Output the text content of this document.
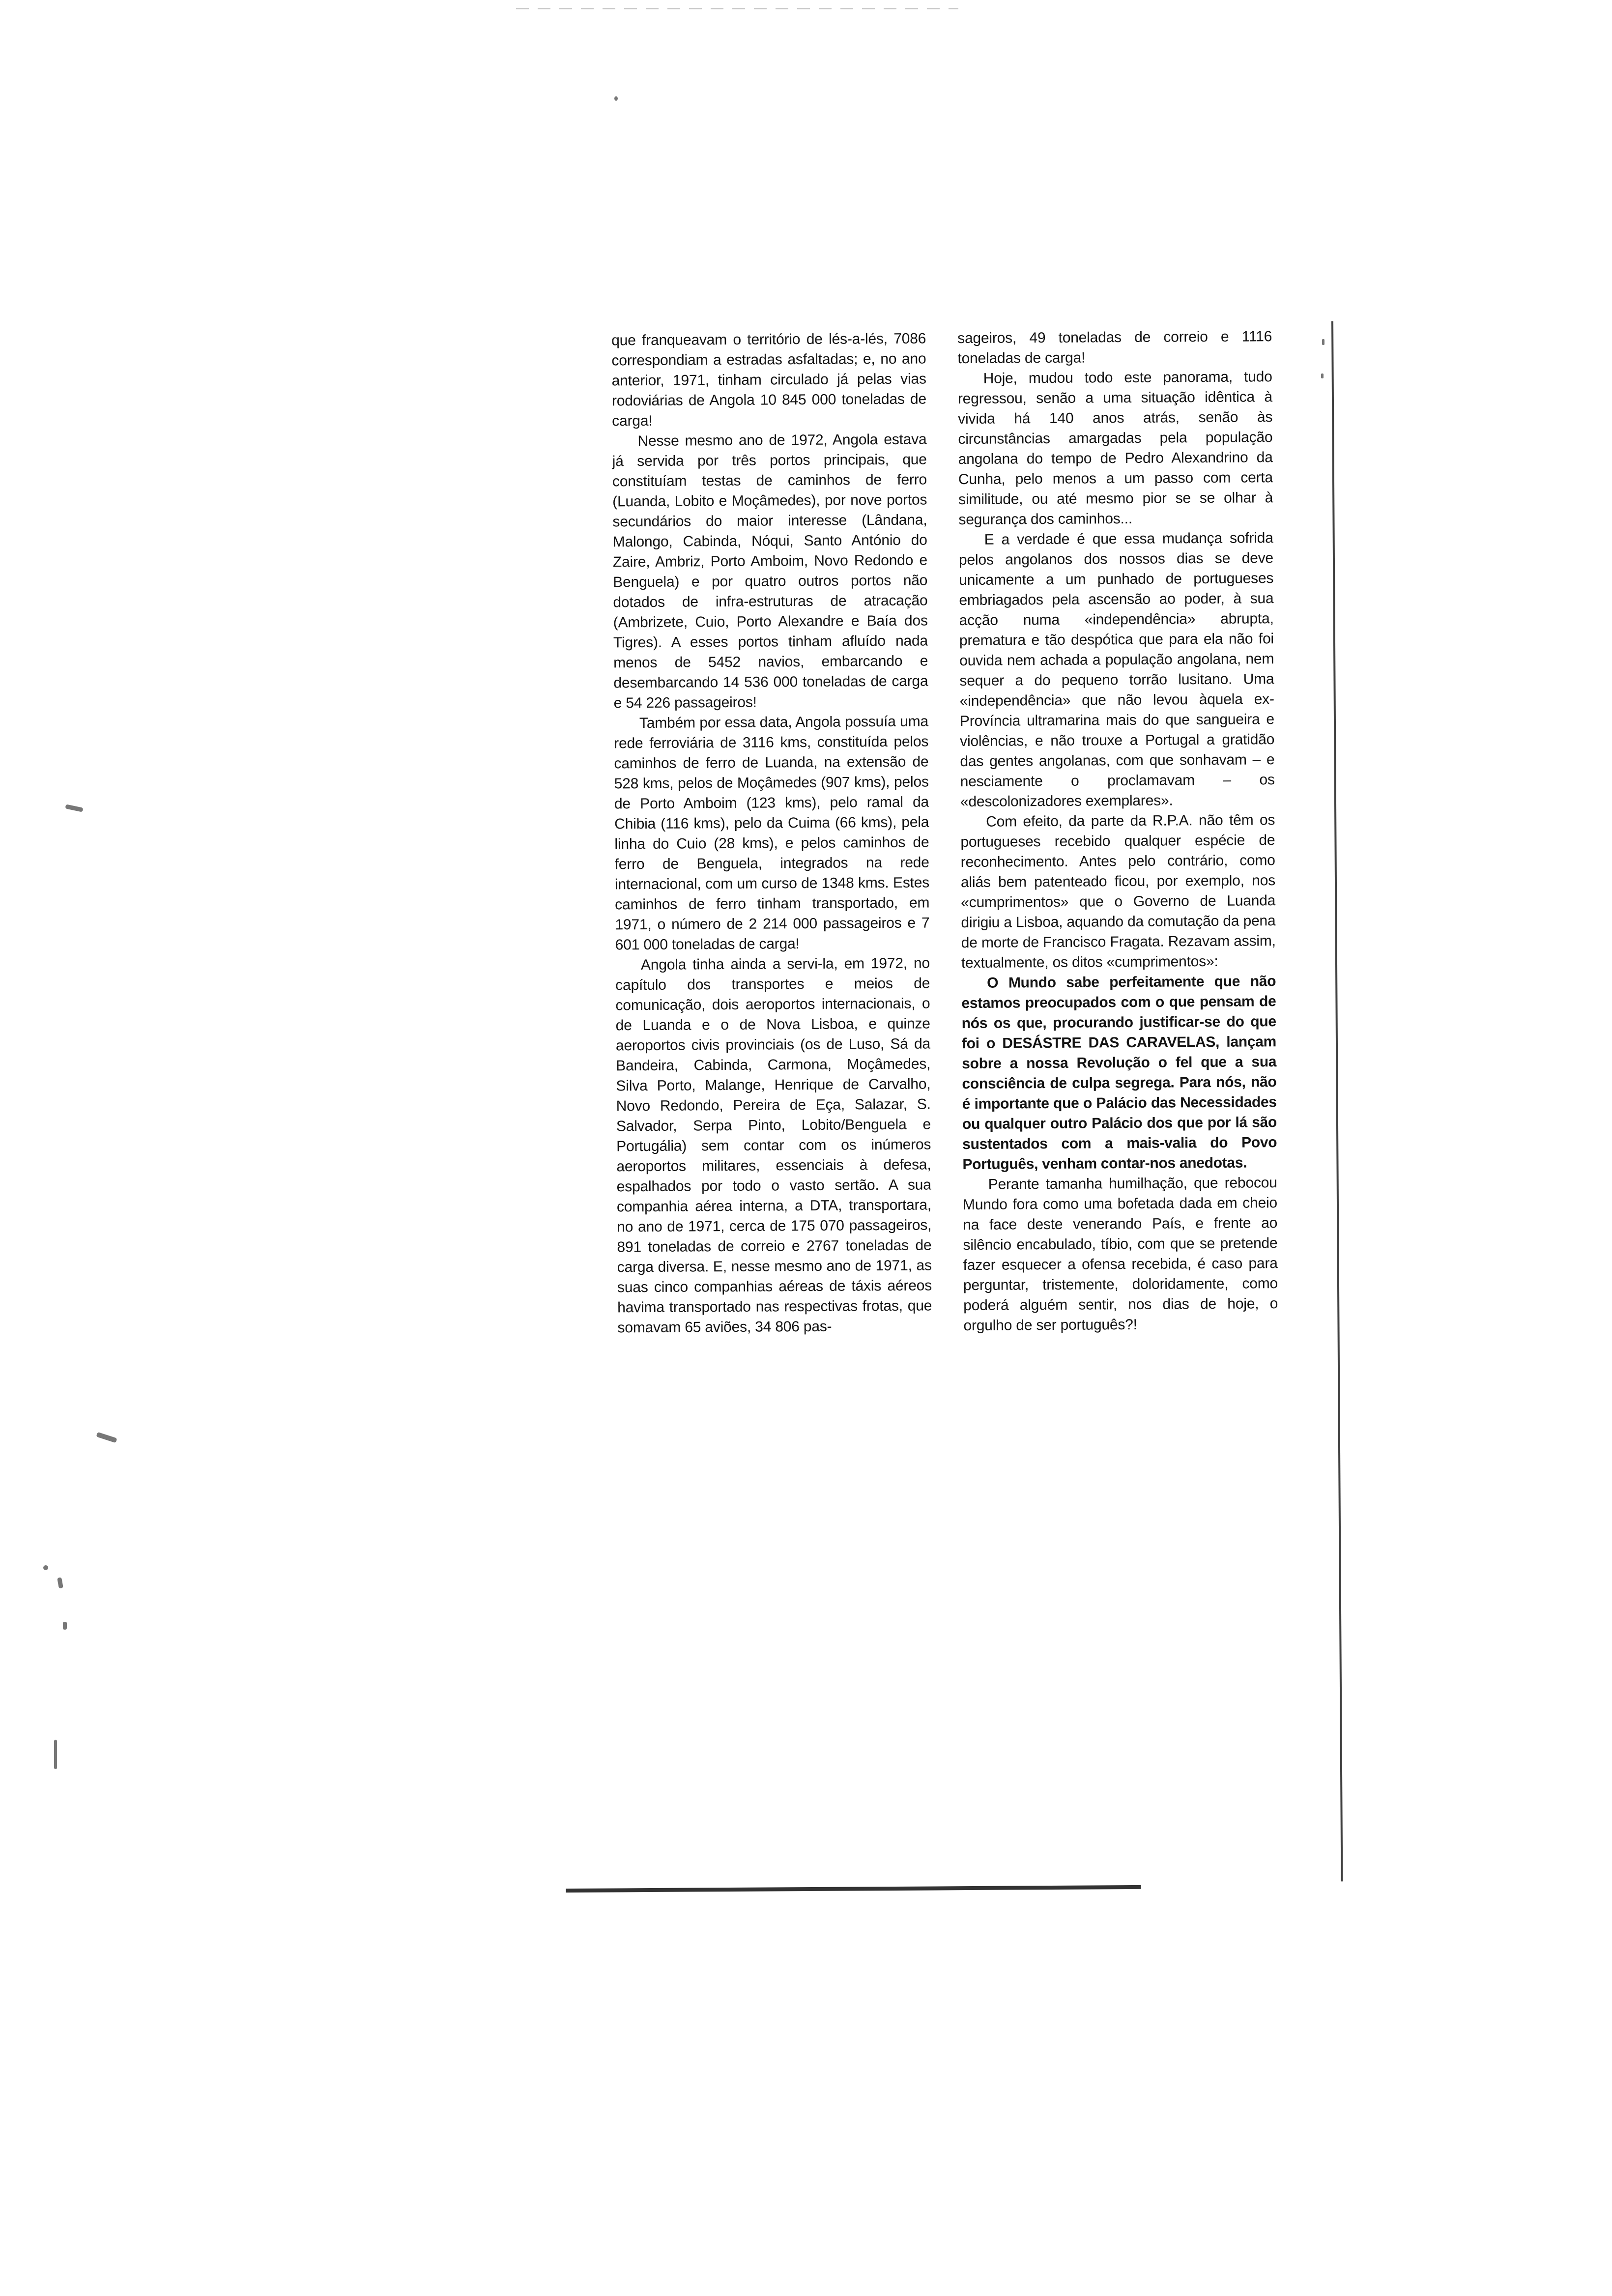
que franqueavam o território de lés-a-lés, 7086 correspondiam a estradas asfaltadas; e, no ano anterior, 1971, tinham circulado já pelas vias rodoviárias de Angola 10 845 000 toneladas de carga!

Nesse mesmo ano de 1972, Angola estava já servida por três portos principais, que constituíam testas de caminhos de ferro (Luanda, Lobito e Moçâmedes), por nove portos secundários do maior interesse (Lândana, Malongo, Cabinda, Nóqui, Santo António do Zaire, Ambriz, Porto Amboim, Novo Redondo e Benguela) e por quatro outros portos não dotados de infra-estruturas de atracação (Ambrizete, Cuio, Porto Alexandre e Baía dos Tigres). A esses portos tinham afluído nada menos de 5452 navios, embarcando e desembarcando 14 536 000 toneladas de carga e 54 226 passageiros!

Também por essa data, Angola possuía uma rede ferroviária de 3116 kms, constituída pelos caminhos de ferro de Luanda, na extensão de 528 kms, pelos de Moçâmedes (907 kms), pelos de Porto Amboim (123 kms), pelo ramal da Chibia (116 kms), pelo da Cuima (66 kms), pela linha do Cuio (28 kms), e pelos caminhos de ferro de Benguela, integrados na rede internacional, com um curso de 1348 kms. Estes caminhos de ferro tinham transportado, em 1971, o número de 2 214 000 passageiros e 7 601 000 toneladas de carga!

Angola tinha ainda a servi-la, em 1972, no capítulo dos transportes e meios de comunicação, dois aeroportos internacionais, o de Luanda e o de Nova Lisboa, e quinze aeroportos civis provinciais (os de Luso, Sá da Bandeira, Cabinda, Carmona, Moçâmedes, Silva Porto, Malange, Henrique de Carvalho, Novo Redondo, Pereira de Eça, Salazar, S. Salvador, Serpa Pinto, Lobito/Benguela e Portugália) sem contar com os inúmeros aeroportos militares, essenciais à defesa, espalhados por todo o vasto sertão. A sua companhia aérea interna, a DTA, transportara, no ano de 1971, cerca de 175 070 passageiros, 891 toneladas de correio e 2767 toneladas de carga diversa. E, nesse mesmo ano de 1971, as suas cinco companhias aéreas de táxis aéreos havima transportado nas respectivas frotas, que somavam 65 aviões, 34 806 pas-

sageiros, 49 toneladas de correio e 1116 toneladas de carga!

Hoje, mudou todo este panorama, tudo regressou, senão a uma situação idêntica à vivida há 140 anos atrás, senão às circunstâncias amargadas pela população angolana do tempo de Pedro Alexandrino da Cunha, pelo menos a um passo com certa similitude, ou até mesmo pior se se olhar à segurança dos caminhos...

E a verdade é que essa mudança sofrida pelos angolanos dos nossos dias se deve unicamente a um punhado de portugueses embriagados pela ascensão ao poder, à sua acção numa «independência» abrupta, prematura e tão despótica que para ela não foi ouvida nem achada a população angolana, nem sequer a do pequeno torrão lusitano. Uma «independência» que não levou àquela ex-Província ultramarina mais do que sangueira e violências, e não trouxe a Portugal a gratidão das gentes angolanas, com que sonhavam – e nesciamente o proclamavam – os «descolonizadores exemplares».

Com efeito, da parte da R.P.A. não têm os portugueses recebido qualquer espécie de reconhecimento. Antes pelo contrário, como aliás bem patenteado ficou, por exemplo, nos «cumprimentos» que o Governo de Luanda dirigiu a Lisboa, aquando da comutação da pena de morte de Francisco Fragata. Rezavam assim, textualmente, os ditos «cumprimentos»:

O Mundo sabe perfeitamente que não estamos preocupados com o que pensam de nós os que, procurando justificar-se do que foi o DESÁSTRE DAS CARAVELAS, lançam sobre a nossa Revolução o fel que a sua consciência de culpa segrega. Para nós, não é importante que o Palácio das Necessidades ou qualquer outro Palácio dos que por lá são sustentados com a mais-valia do Povo Português, venham contar-nos anedotas.

Perante tamanha humilhação, que rebocou Mundo fora como uma bofetada dada em cheio na face deste venerando País, e frente ao silêncio encabulado, tíbio, com que se pretende fazer esquecer a ofensa recebida, é caso para perguntar, tristemente, doloridamente, como poderá alguém sentir, nos dias de hoje, o orgulho de ser português?!
